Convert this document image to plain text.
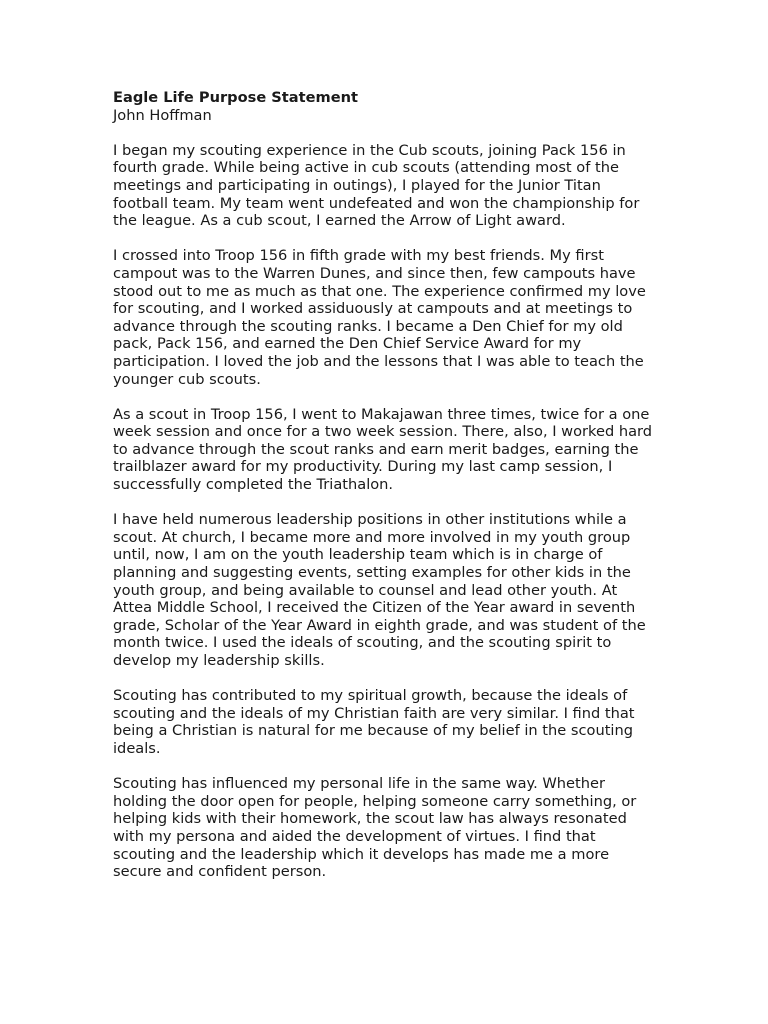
Eagle Life Purpose Statement

John Hoffman

I began my scouting experience in the Cub scouts, joining Pack 156 in fourth grade. While being active in cub scouts (attending most of the meetings and participating in outings), I played for the Junior Titan football team. My team went undefeated and won the championship for the league. As a cub scout, I earned the Arrow of Light award.

I crossed into Troop 156 in fifth grade with my best friends. My first campout was to the Warren Dunes, and since then, few campouts have stood out to me as much as that one. The experience confirmed my love for scouting, and I worked assiduously at campouts and at meetings to advance through the scouting ranks. I became a Den Chief for my old pack, Pack 156, and earned the Den Chief Service Award for my participation. I loved the job and the lessons that I was able to teach the younger cub scouts.

As a scout in Troop 156, I went to Makajawan three times, twice for a one week session and once for a two week session. There, also, I worked hard to advance through the scout ranks and earn merit badges, earning the trailblazer award for my productivity. During my last camp session, I successfully completed the Triathalon.

I have held numerous leadership positions in other institutions while a scout. At church, I became more and more involved in my youth group until, now, I am on the youth leadership team which is in charge of planning and suggesting events, setting examples for other kids in the youth group, and being available to counsel and lead other youth. At Attea Middle School, I received the Citizen of the Year award in seventh grade, Scholar of the Year Award in eighth grade, and was student of the month twice. I used the ideals of scouting, and the scouting spirit to develop my leadership skills.

Scouting has contributed to my spiritual growth, because the ideals of scouting and the ideals of my Christian faith are very similar. I find that being a Christian is natural for me because of my belief in the scouting ideals.

Scouting has influenced my personal life in the same way. Whether holding the door open for people, helping someone carry something, or helping kids with their homework, the scout law has always resonated with my persona and aided the development of virtues. I find that scouting and the leadership which it develops has made me a more secure and confident person.
